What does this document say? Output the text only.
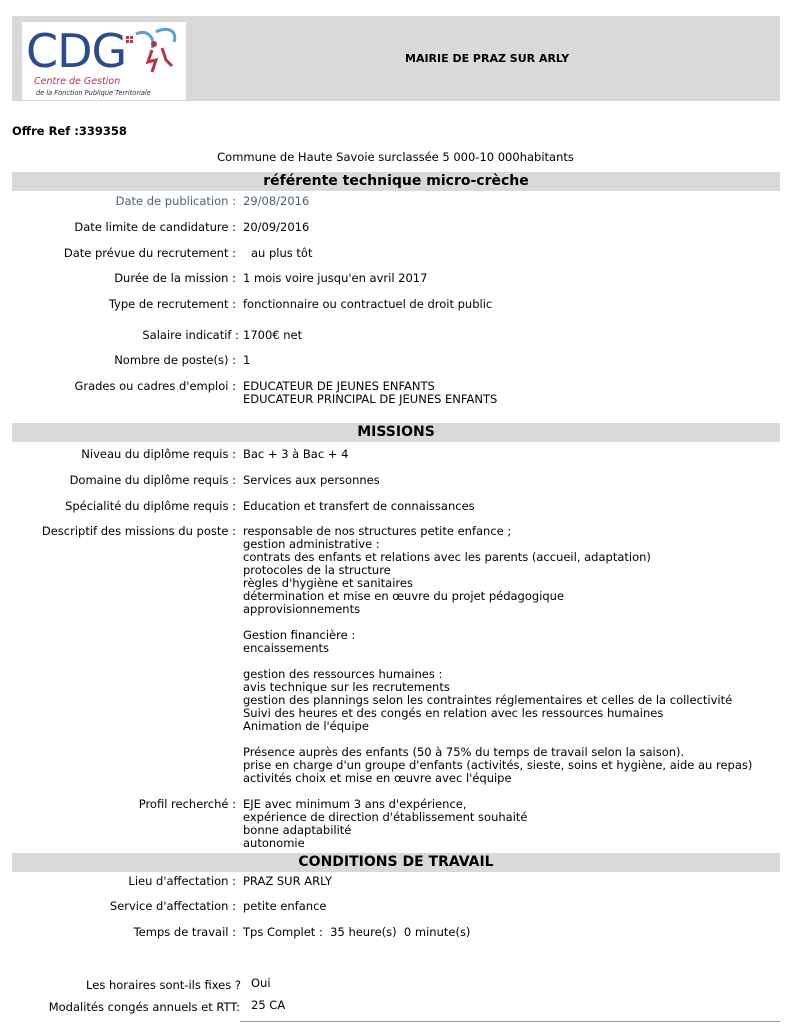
CDG
Centre de Gestion
de la Fonction Publique Territoriale
MAIRIE DE PRAZ SUR ARLY
Offre Ref :339358
Commune de Haute Savoie surclassée 5 000-10 000habitants
référente technique micro-crèche
Date de publication : 29/08/2016
Date limite de candidature : 20/09/2016
Date prévue du recrutement : au plus tôt
Durée de la mission : 1 mois voire jusqu'en avril 2017
Type de recrutement : fonctionnaire ou contractuel de droit public
Salaire indicatif : 1700€ net
Nombre de poste(s) : 1
Grades ou cadres d'emploi : EDUCATEUR DE JEUNES ENFANTS
EDUCATEUR PRINCIPAL DE JEUNES ENFANTS
MISSIONS
Niveau du diplôme requis : Bac + 3 à Bac + 4
Domaine du diplôme requis : Services aux personnes
Spécialité du diplôme requis : Education et transfert de connaissances
Descriptif des missions du poste : responsable de nos structures petite enfance ;
gestion administrative :
contrats des enfants et relations avec les parents (accueil, adaptation)
protocoles de la structure
règles d'hygiène et sanitaires
détermination et mise en œuvre du projet pédagogique
approvisionnements
Gestion financière :
encaissements
gestion des ressources humaines :
avis technique sur les recrutements
gestion des plannings selon les contraintes réglementaires et celles de la collectivité
Suivi des heures et des congés en relation avec les ressources humaines
Animation de l'équipe
Présence auprès des enfants (50 à 75% du temps de travail selon la saison).
prise en charge d'un groupe d'enfants (activités, sieste, soins et hygiène, aide au repas)
activités choix et mise en œuvre avec l'équipe
Profil recherché : EJE avec minimum 3 ans d'expérience,
expérience de direction d'établissement souhaité
bonne adaptabilité
autonomie
CONDITIONS DE TRAVAIL
Lieu d'affectation : PRAZ SUR ARLY
Service d'affectation : petite enfance
Temps de travail : Tps Complet :  35 heure(s)  0 minute(s)
Les horaires sont-ils fixes ? Oui
Modalités congés annuels et RTT: 25 CA
